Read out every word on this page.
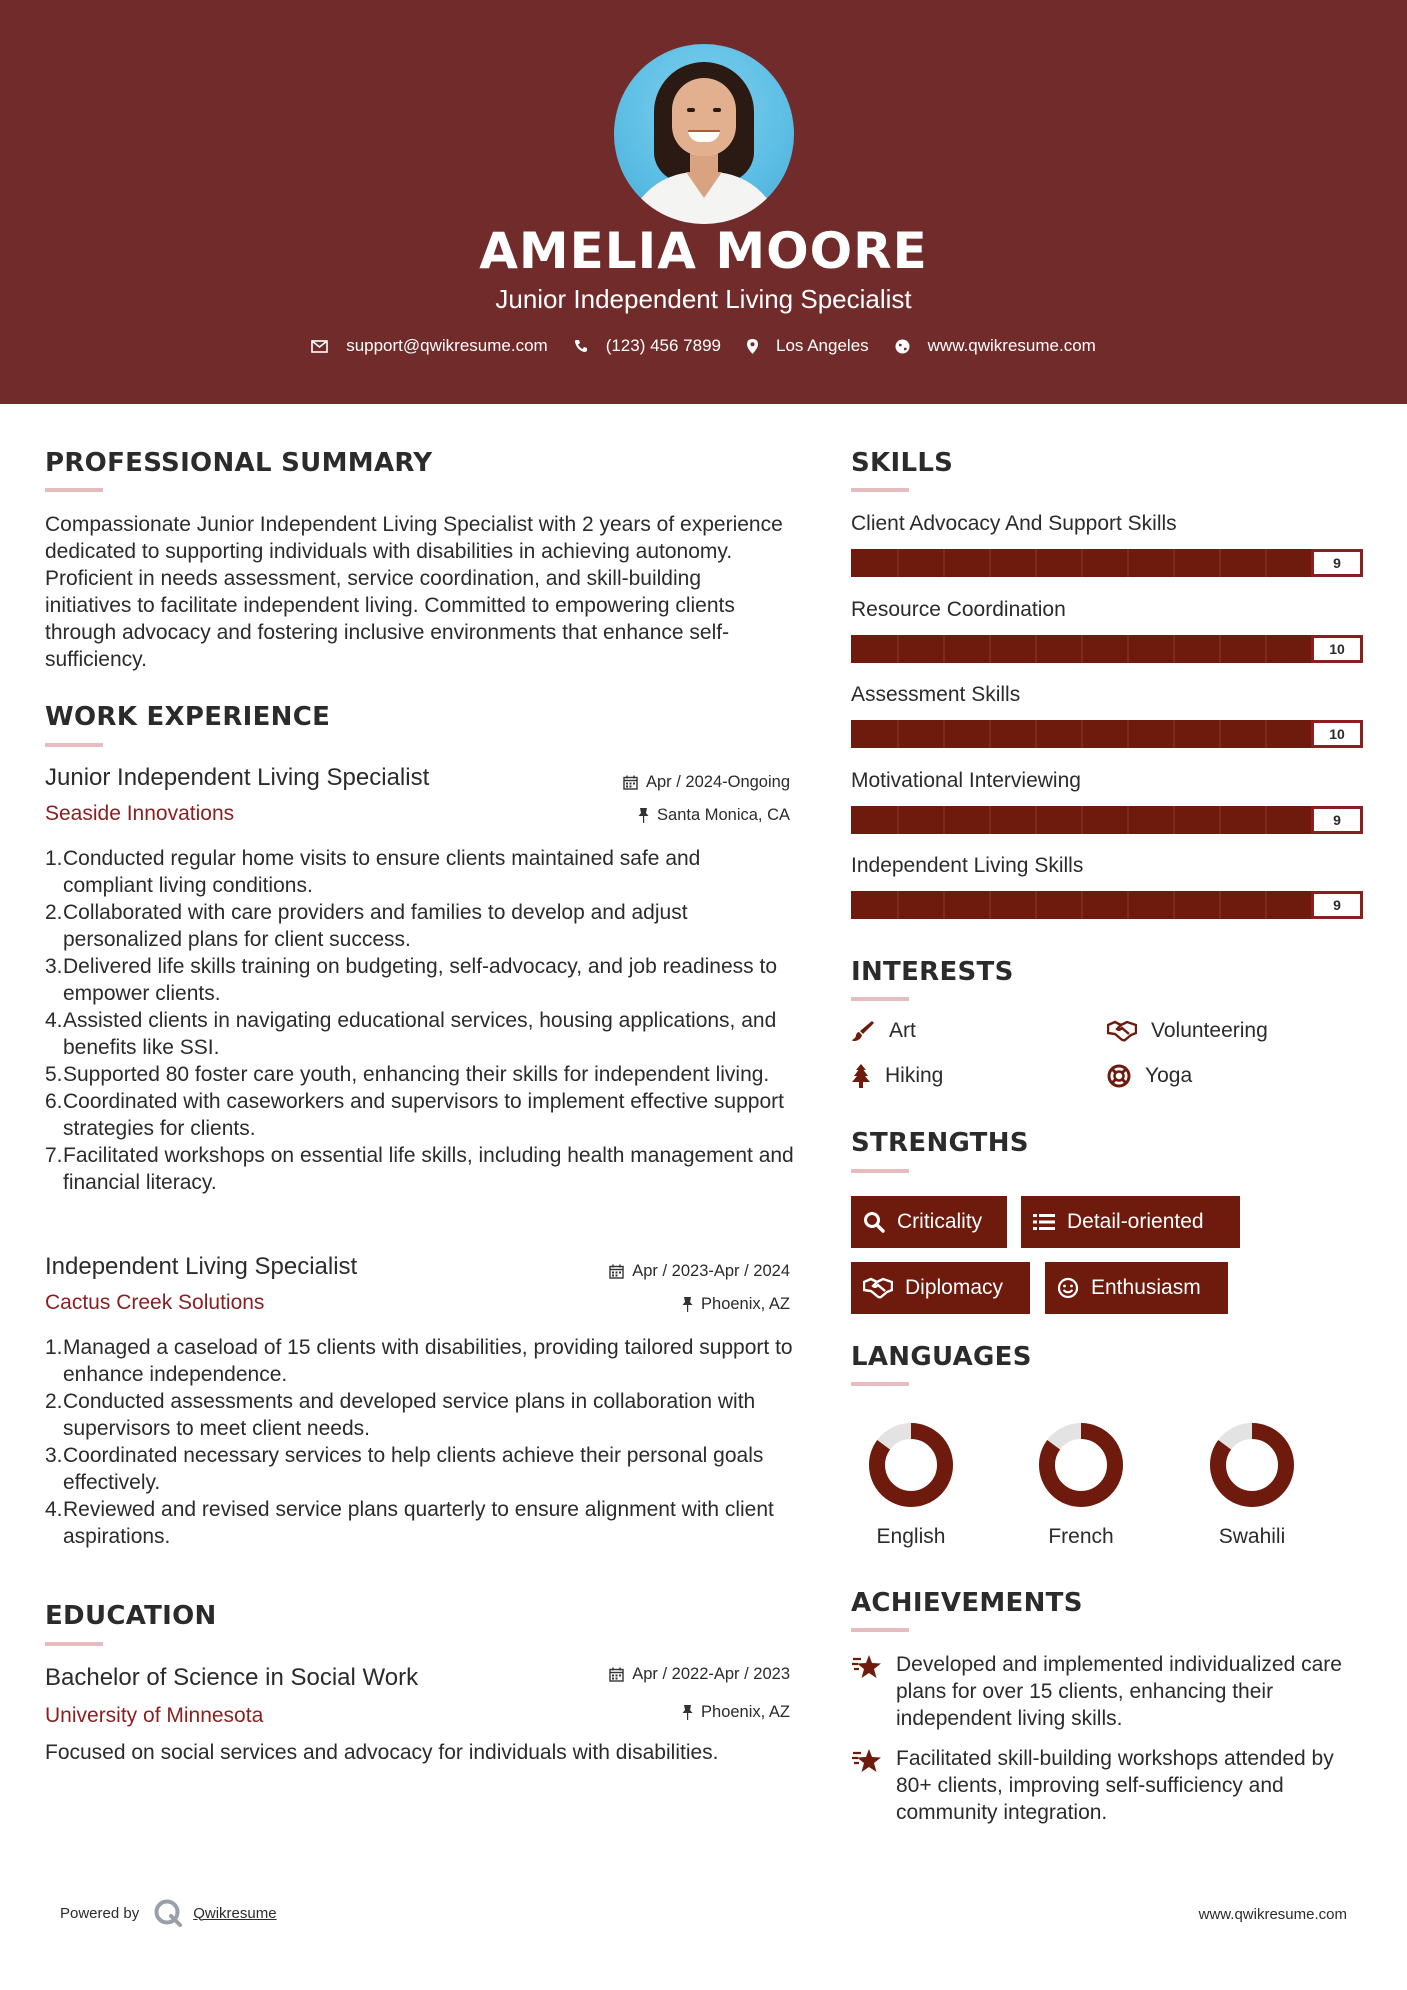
AMELIA MOORE
Junior Independent Living Specialist
support@qwikresume.com	(123) 456 7899	Los Angeles	www.qwikresume.com
PROFESSIONAL SUMMARY
Compassionate Junior Independent Living Specialist with 2 years of experience dedicated to supporting individuals with disabilities in achieving autonomy. Proficient in needs assessment, service coordination, and skill-building initiatives to facilitate independent living. Committed to empowering clients through advocacy and fostering inclusive environments that enhance self-sufficiency.
WORK EXPERIENCE
Junior Independent Living Specialist	Apr / 2024-Ongoing
Seaside Innovations	Santa Monica, CA
1. Conducted regular home visits to ensure clients maintained safe and compliant living conditions.
2. Collaborated with care providers and families to develop and adjust personalized plans for client success.
3. Delivered life skills training on budgeting, self-advocacy, and job readiness to empower clients.
4. Assisted clients in navigating educational services, housing applications, and benefits like SSI.
5. Supported 80 foster care youth, enhancing their skills for independent living.
6. Coordinated with caseworkers and supervisors to implement effective support strategies for clients.
7. Facilitated workshops on essential life skills, including health management and financial literacy.
Independent Living Specialist	Apr / 2023-Apr / 2024
Cactus Creek Solutions	Phoenix, AZ
1. Managed a caseload of 15 clients with disabilities, providing tailored support to enhance independence.
2. Conducted assessments and developed service plans in collaboration with supervisors to meet client needs.
3. Coordinated necessary services to help clients achieve their personal goals effectively.
4. Reviewed and revised service plans quarterly to ensure alignment with client aspirations.
EDUCATION
Bachelor of Science in Social Work	Apr / 2022-Apr / 2023
University of Minnesota	Phoenix, AZ
Focused on social services and advocacy for individuals with disabilities.
SKILLS
Client Advocacy And Support Skills
9
Resource Coordination
10
Assessment Skills
10
Motivational Interviewing
9
Independent Living Skills
9
INTERESTS
Art	Volunteering
Hiking	Yoga
STRENGTHS
Criticality	Detail-oriented
Diplomacy	Enthusiasm
LANGUAGES
English	French	Swahili
ACHIEVEMENTS
Developed and implemented individualized care plans for over 15 clients, enhancing their independent living skills.
Facilitated skill-building workshops attended by 80+ clients, improving self-sufficiency and community integration.
Powered by	Qwikresume	www.qwikresume.com
